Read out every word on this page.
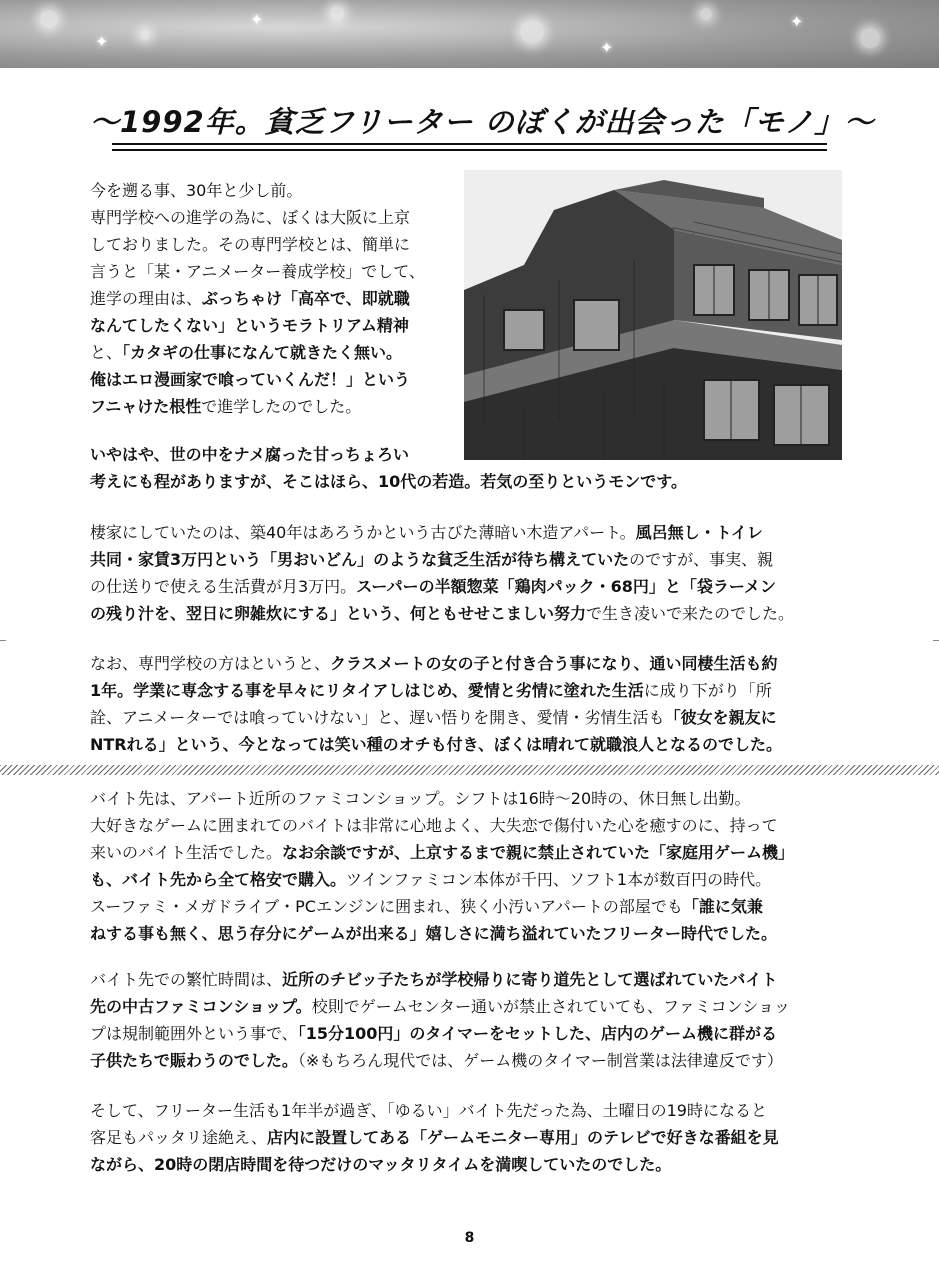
✦
✦
✦
✦
～1992年。貧乏フリーター のぼくが出会った「モノ」～
今を遡る事、30年と少し前。
専門学校への進学の為に、ぼくは大阪に上京
しておりました。その専門学校とは、簡単に
言うと「某・アニメーター養成学校」でして、
進学の理由は、ぶっちゃけ「高卒で、即就職
なんてしたくない」というモラトリアム精神
と、「カタギの仕事になんて就きたく無い。
俺はエロ漫画家で喰っていくんだ！」という
フニャけた根性で進学したのでした。
いやはや、世の中をナメ腐った甘っちょろい
考えにも程がありますが、そこはほら、10代の若造。若気の至りというモンです。
棲家にしていたのは、築40年はあろうかという古びた薄暗い木造アパート。風呂無し・トイレ
共同・家賃3万円という「男おいどん」のような貧乏生活が待ち構えていたのですが、事実、親
の仕送りで使える生活費が月3万円。スーパーの半額惣菜「鶏肉パック・68円」と「袋ラーメン
の残り汁を、翌日に卵雑炊にする」という、何ともせせこましい努力で生き凌いで来たのでした。
なお、専門学校の方はというと、クラスメートの女の子と付き合う事になり、通い同棲生活も約
1年。学業に専念する事を早々にリタイアしはじめ、愛情と劣情に塗れた生活に成り下がり「所
詮、アニメーターでは喰っていけない」と、遅い悟りを開き、愛情・劣情生活も「彼女を親友に
NTRれる」という、今となっては笑い種のオチも付き、ぼくは晴れて就職浪人となるのでした。
バイト先は、アパート近所のファミコンショップ。シフトは16時～20時の、休日無し出勤。
大好きなゲームに囲まれてのバイトは非常に心地よく、大失恋で傷付いた心を癒すのに、持って
来いのバイト生活でした。なお余談ですが、上京するまで親に禁止されていた「家庭用ゲーム機」
も、バイト先から全て格安で購入。ツインファミコン本体が千円、ソフト1本が数百円の時代。
スーファミ・メガドライブ・PCエンジンに囲まれ、狭く小汚いアパートの部屋でも「誰に気兼
ねする事も無く、思う存分にゲームが出来る」嬉しさに満ち溢れていたフリーター時代でした。
バイト先での繁忙時間は、近所のチビッ子たちが学校帰りに寄り道先として選ばれていたバイト
先の中古ファミコンショップ。校則でゲームセンター通いが禁止されていても、ファミコンショッ
プは規制範囲外という事で、「15分100円」のタイマーをセットした、店内のゲーム機に群がる
子供たちで賑わうのでした。（※もちろん現代では、ゲーム機のタイマー制営業は法律違反です）
そして、フリーター生活も1年半が過ぎ、「ゆるい」バイト先だった為、土曜日の19時になると
客足もパッタリ途絶え、店内に設置してある「ゲームモニター専用」のテレビで好きな番組を見
ながら、20時の閉店時間を待つだけのマッタリタイムを満喫していたのでした。
8
